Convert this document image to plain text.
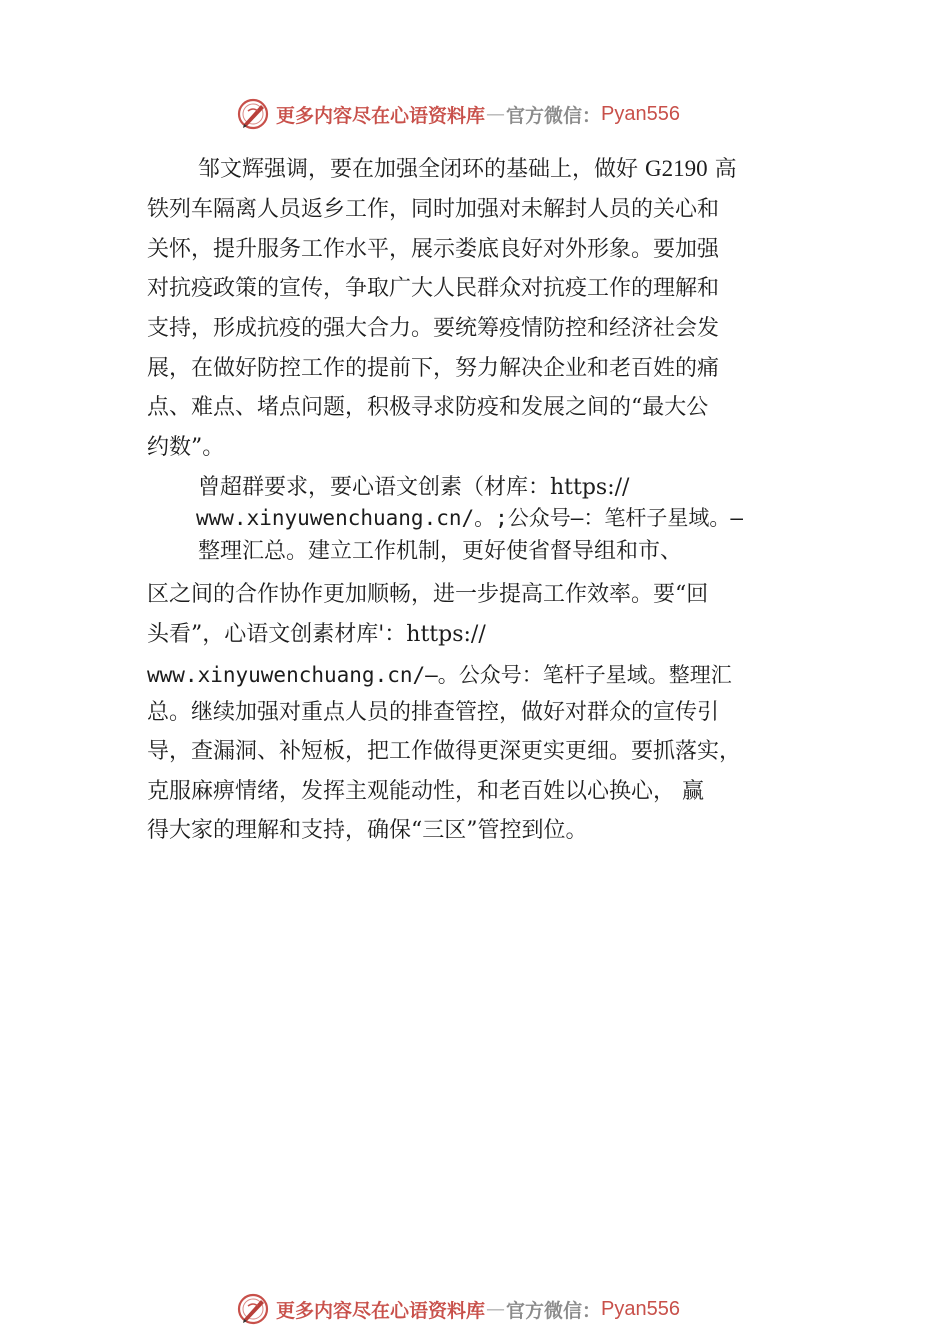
更多内容尽在心语资料库 — 官方微信： Pyan556
邹文辉强调，要在加强全闭环的基础上，做好 G2190 高
铁列车隔离人员返乡工作，同时加强对未解封人员的关心和
关怀，提升服务工作水平，展示娄底良好对外形象。要加强
对抗疫政策的宣传，争取广大人民群众对抗疫工作的理解和
支持，形成抗疫的强大合力。要统筹疫情防控和经济社会发
展，在做好防控工作的提前下，努力解决企业和老百姓的痛
点、难点、堵点问题，积极寻求防疫和发展之间的“最大公
约数”。
曾超群要求，要心语文创素（材库：https://
www.xinyuwenchuang.cn/。;公众号—：笔杆子星域。—
整理汇总。建立工作机制，更好使省督导组和市、
区之间的合作协作更加顺畅，进一步提高工作效率。要“回
头看”，心语文创素材库'：https://
www.xinyuwenchuang.cn/—。公众号：笔杆子星域。整理汇
总。继续加强对重点人员的排查管控，做好对群众的宣传引
导，查漏洞、补短板，把工作做得更深更实更细。要抓落实，
克服麻痹情绪，发挥主观能动性，和老百姓以心换心， 赢
得大家的理解和支持，确保“三区”管控到位。
更多内容尽在心语资料库 — 官方微信： Pyan556
